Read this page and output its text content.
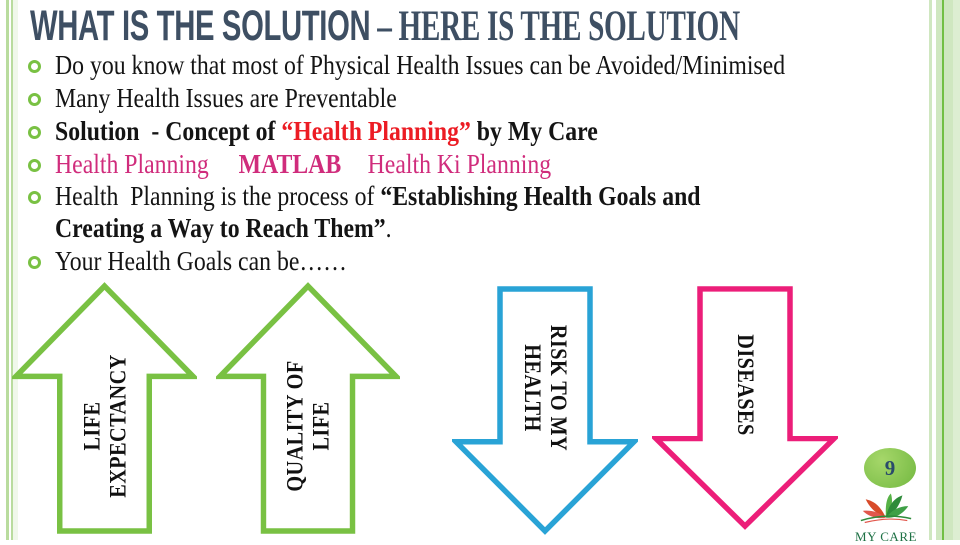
WHAT IS THE SOLUTION – HERE IS THE SOLUTION
Do you know that most of Physical Health Issues can be Avoided/Minimised
Many Health Issues are Preventable
Solution  - Concept of “Health Planning” by My Care
Health Planning MATLAB Health Ki Planning
Health  Planning is the process of “Establishing Health Goals and
Creating a Way to Reach Them”.
Your Health Goals can be……
LIFE
EXPECTANCY	QUALITY OF
LIFE	RISK TO MY
HEALTH	DISEASES
9
MY CARE
